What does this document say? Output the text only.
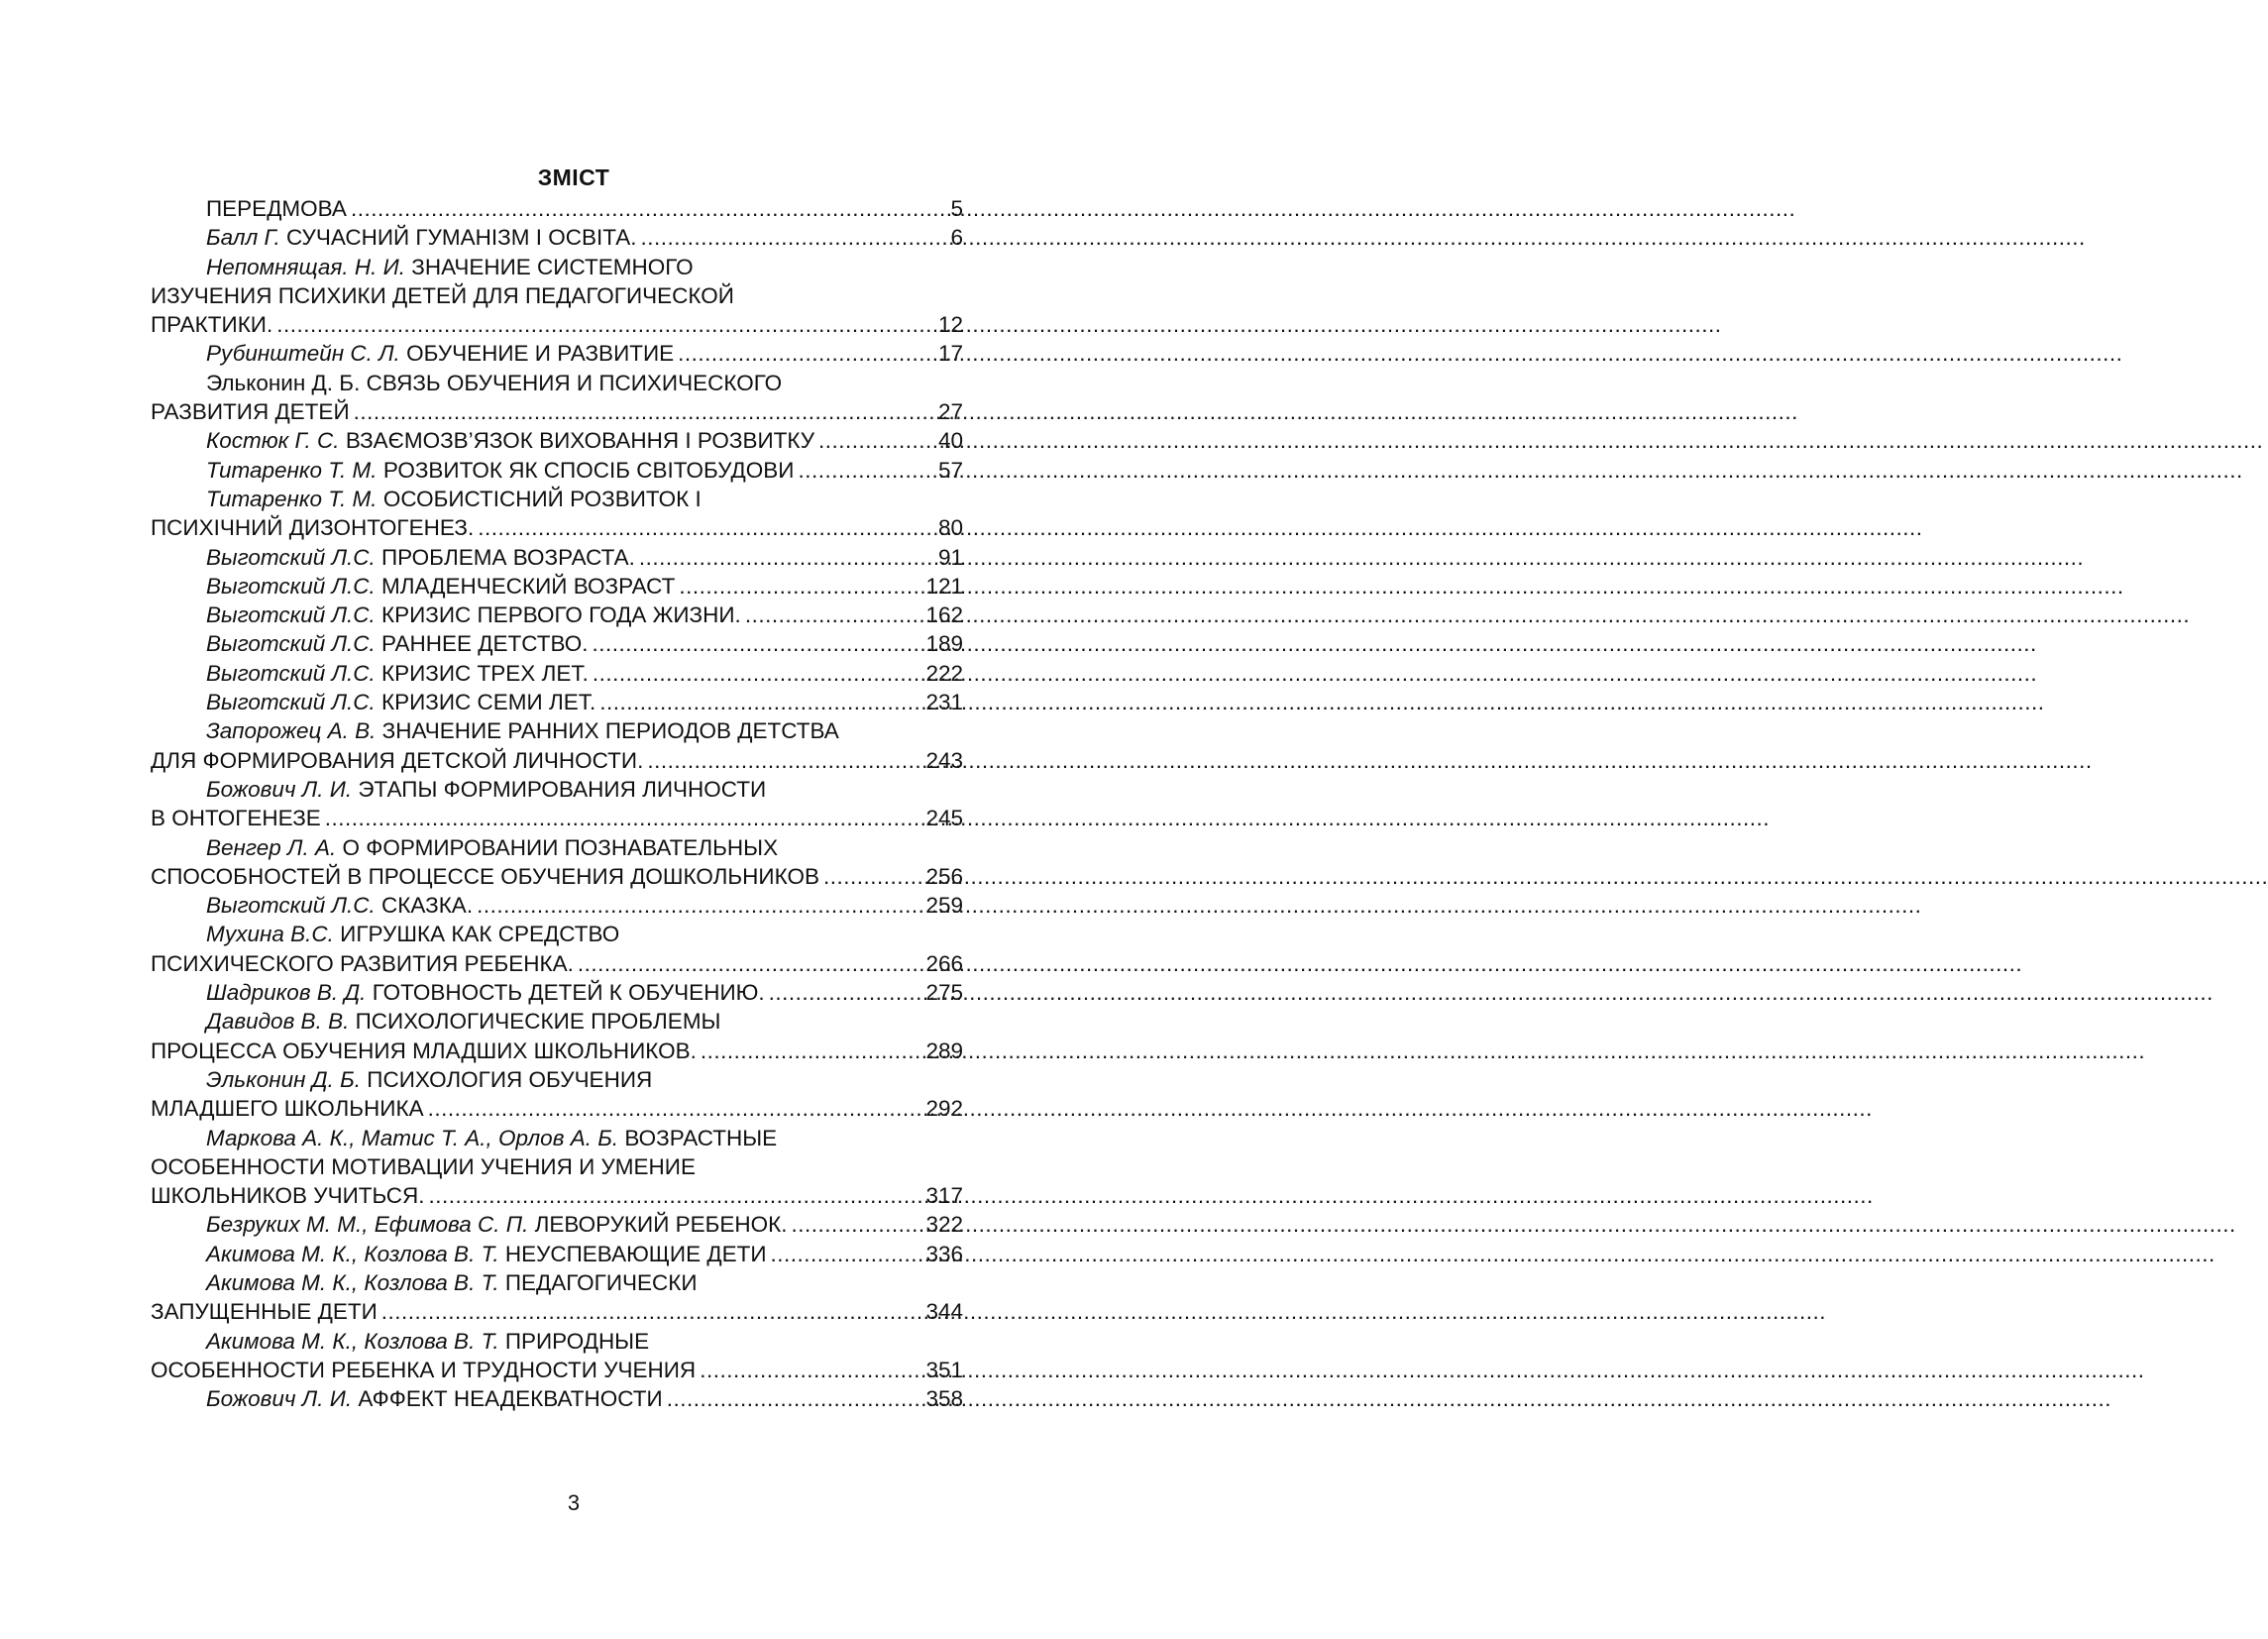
ЗМІСТ
ПЕРЕДМОВА .....	5
Балл Г. СУЧАСНИЙ ГУМАНІЗМ І ОСВІТА. .....	6
Непомнящая. Н. И. ЗНАЧЕНИЕ СИСТЕМНОГО
ИЗУЧЕНИЯ ПСИХИКИ ДЕТЕЙ ДЛЯ ПЕДАГОГИЧЕСКОЙ
ПРАКТИКИ. .....	12
Рубинштейн С. Л. ОБУЧЕНИЕ И РАЗВИТИЕ .....	17
Эльконин Д. Б. СВЯЗЬ ОБУЧЕНИЯ И ПСИХИЧЕСКОГО
РАЗВИТИЯ ДЕТЕЙ .....	27
Костюк Г. С. ВЗАЄМОЗВ’ЯЗОК ВИХОВАННЯ І РОЗВИТКУ .....	40
Титаренко Т. М. РОЗВИТОК ЯК СПОСІБ СВІТОБУДОВИ .....	57
Титаренко Т. М. ОСОБИСТІСНИЙ РОЗВИТОК І
ПСИХІЧНИЙ ДИЗОНТОГЕНЕЗ. .....	80
Выготский Л.С. ПРОБЛЕМА ВОЗРАСТА. .....	91
Выготский Л.С. МЛАДЕНЧЕСКИЙ ВОЗРАСТ .....	121
Выготский Л.С. КРИЗИС ПЕРВОГО ГОДА ЖИЗНИ. .....	162
Выготский Л.С. РАННЕЕ ДЕТСТВО. .....	189
Выготский Л.С. КРИЗИС ТРЕХ ЛЕТ. .....	222
Выготский Л.С. КРИЗИС СЕМИ ЛЕТ. .....	231
Запорожец А. В. ЗНАЧЕНИЕ РАННИХ ПЕРИОДОВ ДЕТСТВА
ДЛЯ ФОРМИРОВАНИЯ ДЕТСКОЙ ЛИЧНОСТИ. .....	243
Божович Л. И. ЭТАПЫ ФОРМИРОВАНИЯ ЛИЧНОСТИ
В ОНТОГЕНЕЗЕ .....	245
Венгер Л. А. О ФОРМИРОВАНИИ ПОЗНАВАТЕЛЬНЫХ
СПОСОБНОСТЕЙ В ПРОЦЕССЕ ОБУЧЕНИЯ ДОШКОЛЬНИКОВ .....	256
Выготский Л.С. СКАЗКА. .....	259
Мухина В.С. ИГРУШКА КАК СРЕДСТВО
ПСИХИЧЕСКОГО РАЗВИТИЯ РЕБЕНКА. .....	266
Шадриков В. Д. ГОТОВНОСТЬ ДЕТЕЙ К ОБУЧЕНИЮ. .....	275
Давидов В. В. ПСИХОЛОГИЧЕСКИЕ ПРОБЛЕМЫ
ПРОЦЕССА ОБУЧЕНИЯ МЛАДШИХ ШКОЛЬНИКОВ. .....	289
Эльконин Д. Б. ПСИХОЛОГИЯ ОБУЧЕНИЯ
МЛАДШЕГО ШКОЛЬНИКА .....	292
Маркова А. К., Матис Т. А., Орлов А. Б. ВОЗРАСТНЫЕ
ОСОБЕННОСТИ МОТИВАЦИИ УЧЕНИЯ И УМЕНИЕ
ШКОЛЬНИКОВ УЧИТЬСЯ. .....	317
Безруких М. М., Ефимова С. П. ЛЕВОРУКИЙ РЕБЕНОК. .....	322
Акимова М. К., Козлова В. Т. НЕУСПЕВАЮЩИЕ ДЕТИ .....	336
Акимова М. К., Козлова В. Т. ПЕДАГОГИЧЕСКИ
ЗАПУЩЕННЫЕ ДЕТИ .....	344
Акимова М. К., Козлова В. Т. ПРИРОДНЫЕ
ОСОБЕННОСТИ РЕБЕНКА И ТРУДНОСТИ УЧЕНИЯ .....	351
Божович Л. И. АФФЕКТ НЕАДЕКВАТНОСТИ .....	358
3
